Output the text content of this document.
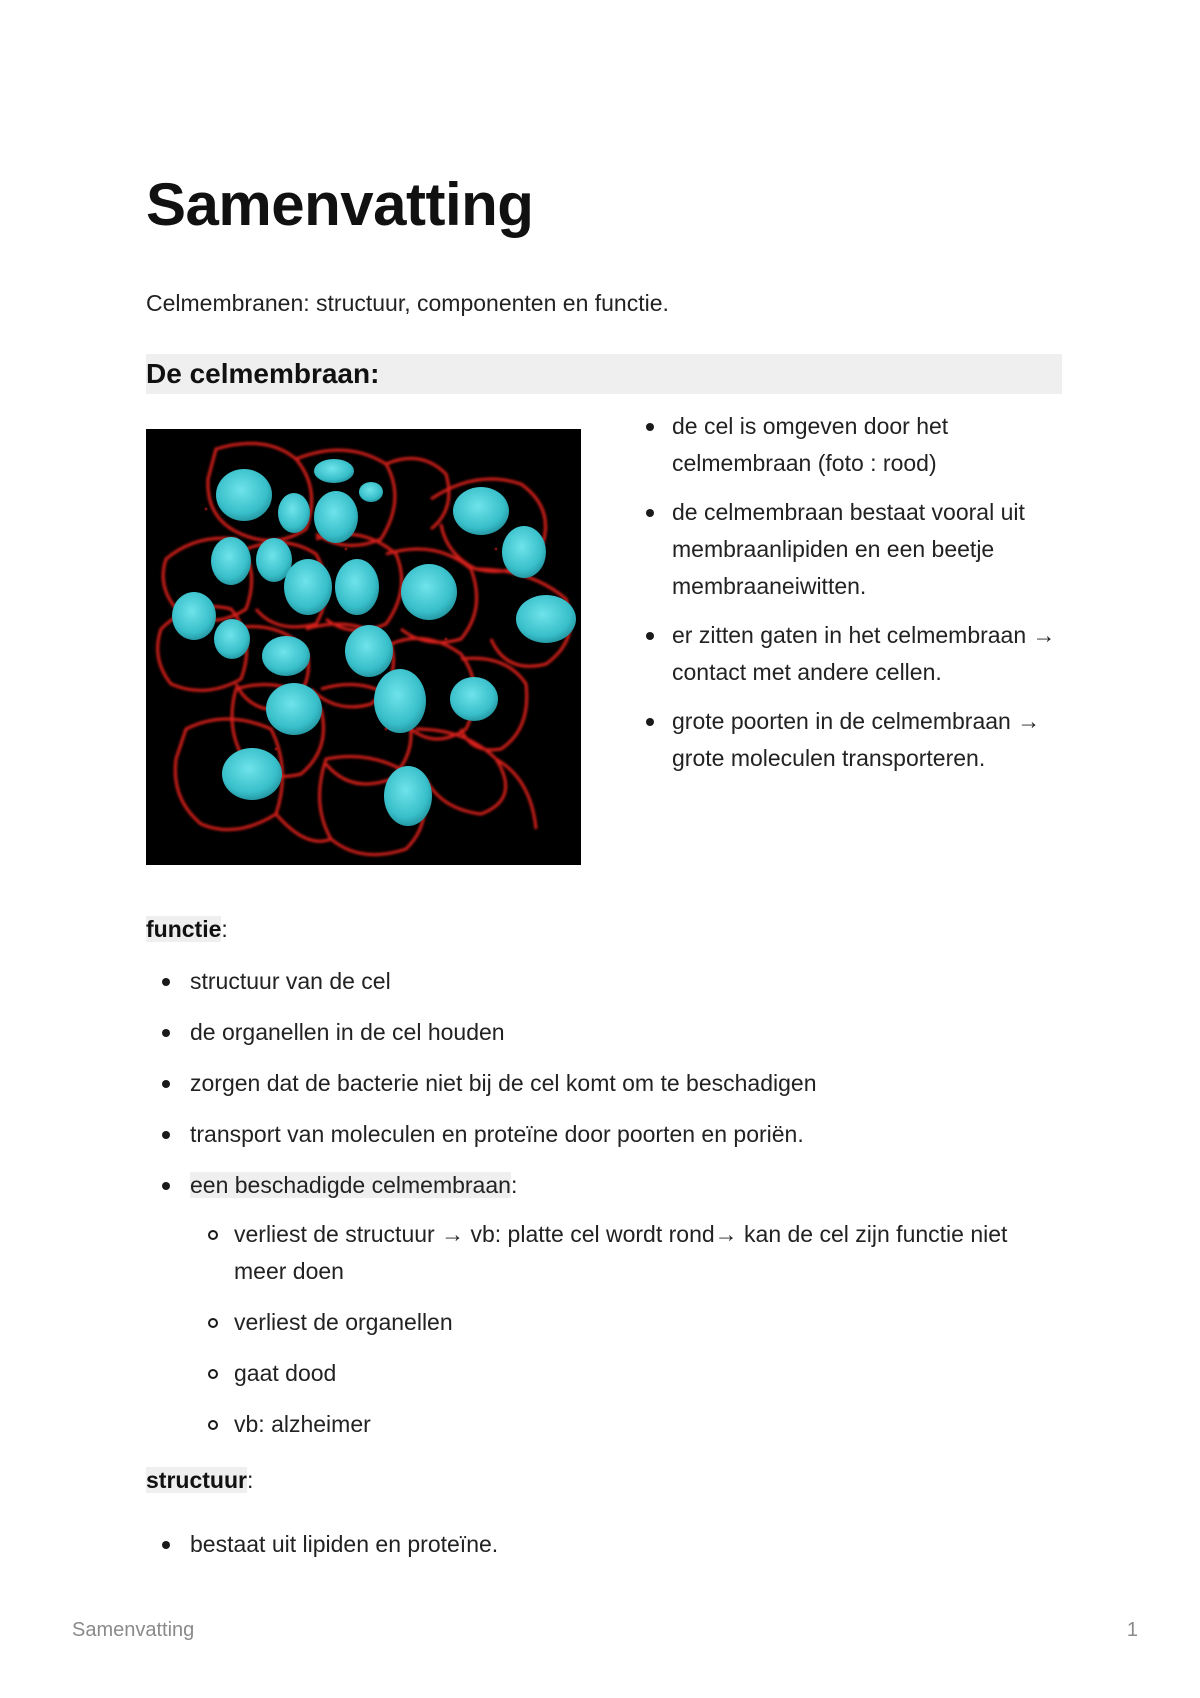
Samenvatting

Celmembranen: structuur, componenten en functie.

De celmembraan:
de cel is omgeven door het celmembraan (foto : rood)
de celmembraan bestaat vooral uit membraanlipiden en een beetje membraaneiwitten.
er zitten gaten in het celmembraan → contact met andere cellen.
grote poorten in de celmembraan → grote moleculen transporteren.

functie:

structuur van de cel
de organellen in de cel houden
zorgen dat de bacterie niet bij de cel komt om te beschadigen
transport van moleculen en proteïne door poorten en poriën.
een beschadigde celmembraan:
verliest de structuur → vb: platte cel wordt rond→ kan de cel zijn functie niet meer doen
verliest de organellen
gaat dood
vb: alzheimer

structuur:

bestaat uit lipiden en proteïne.

Samenvatting	1
